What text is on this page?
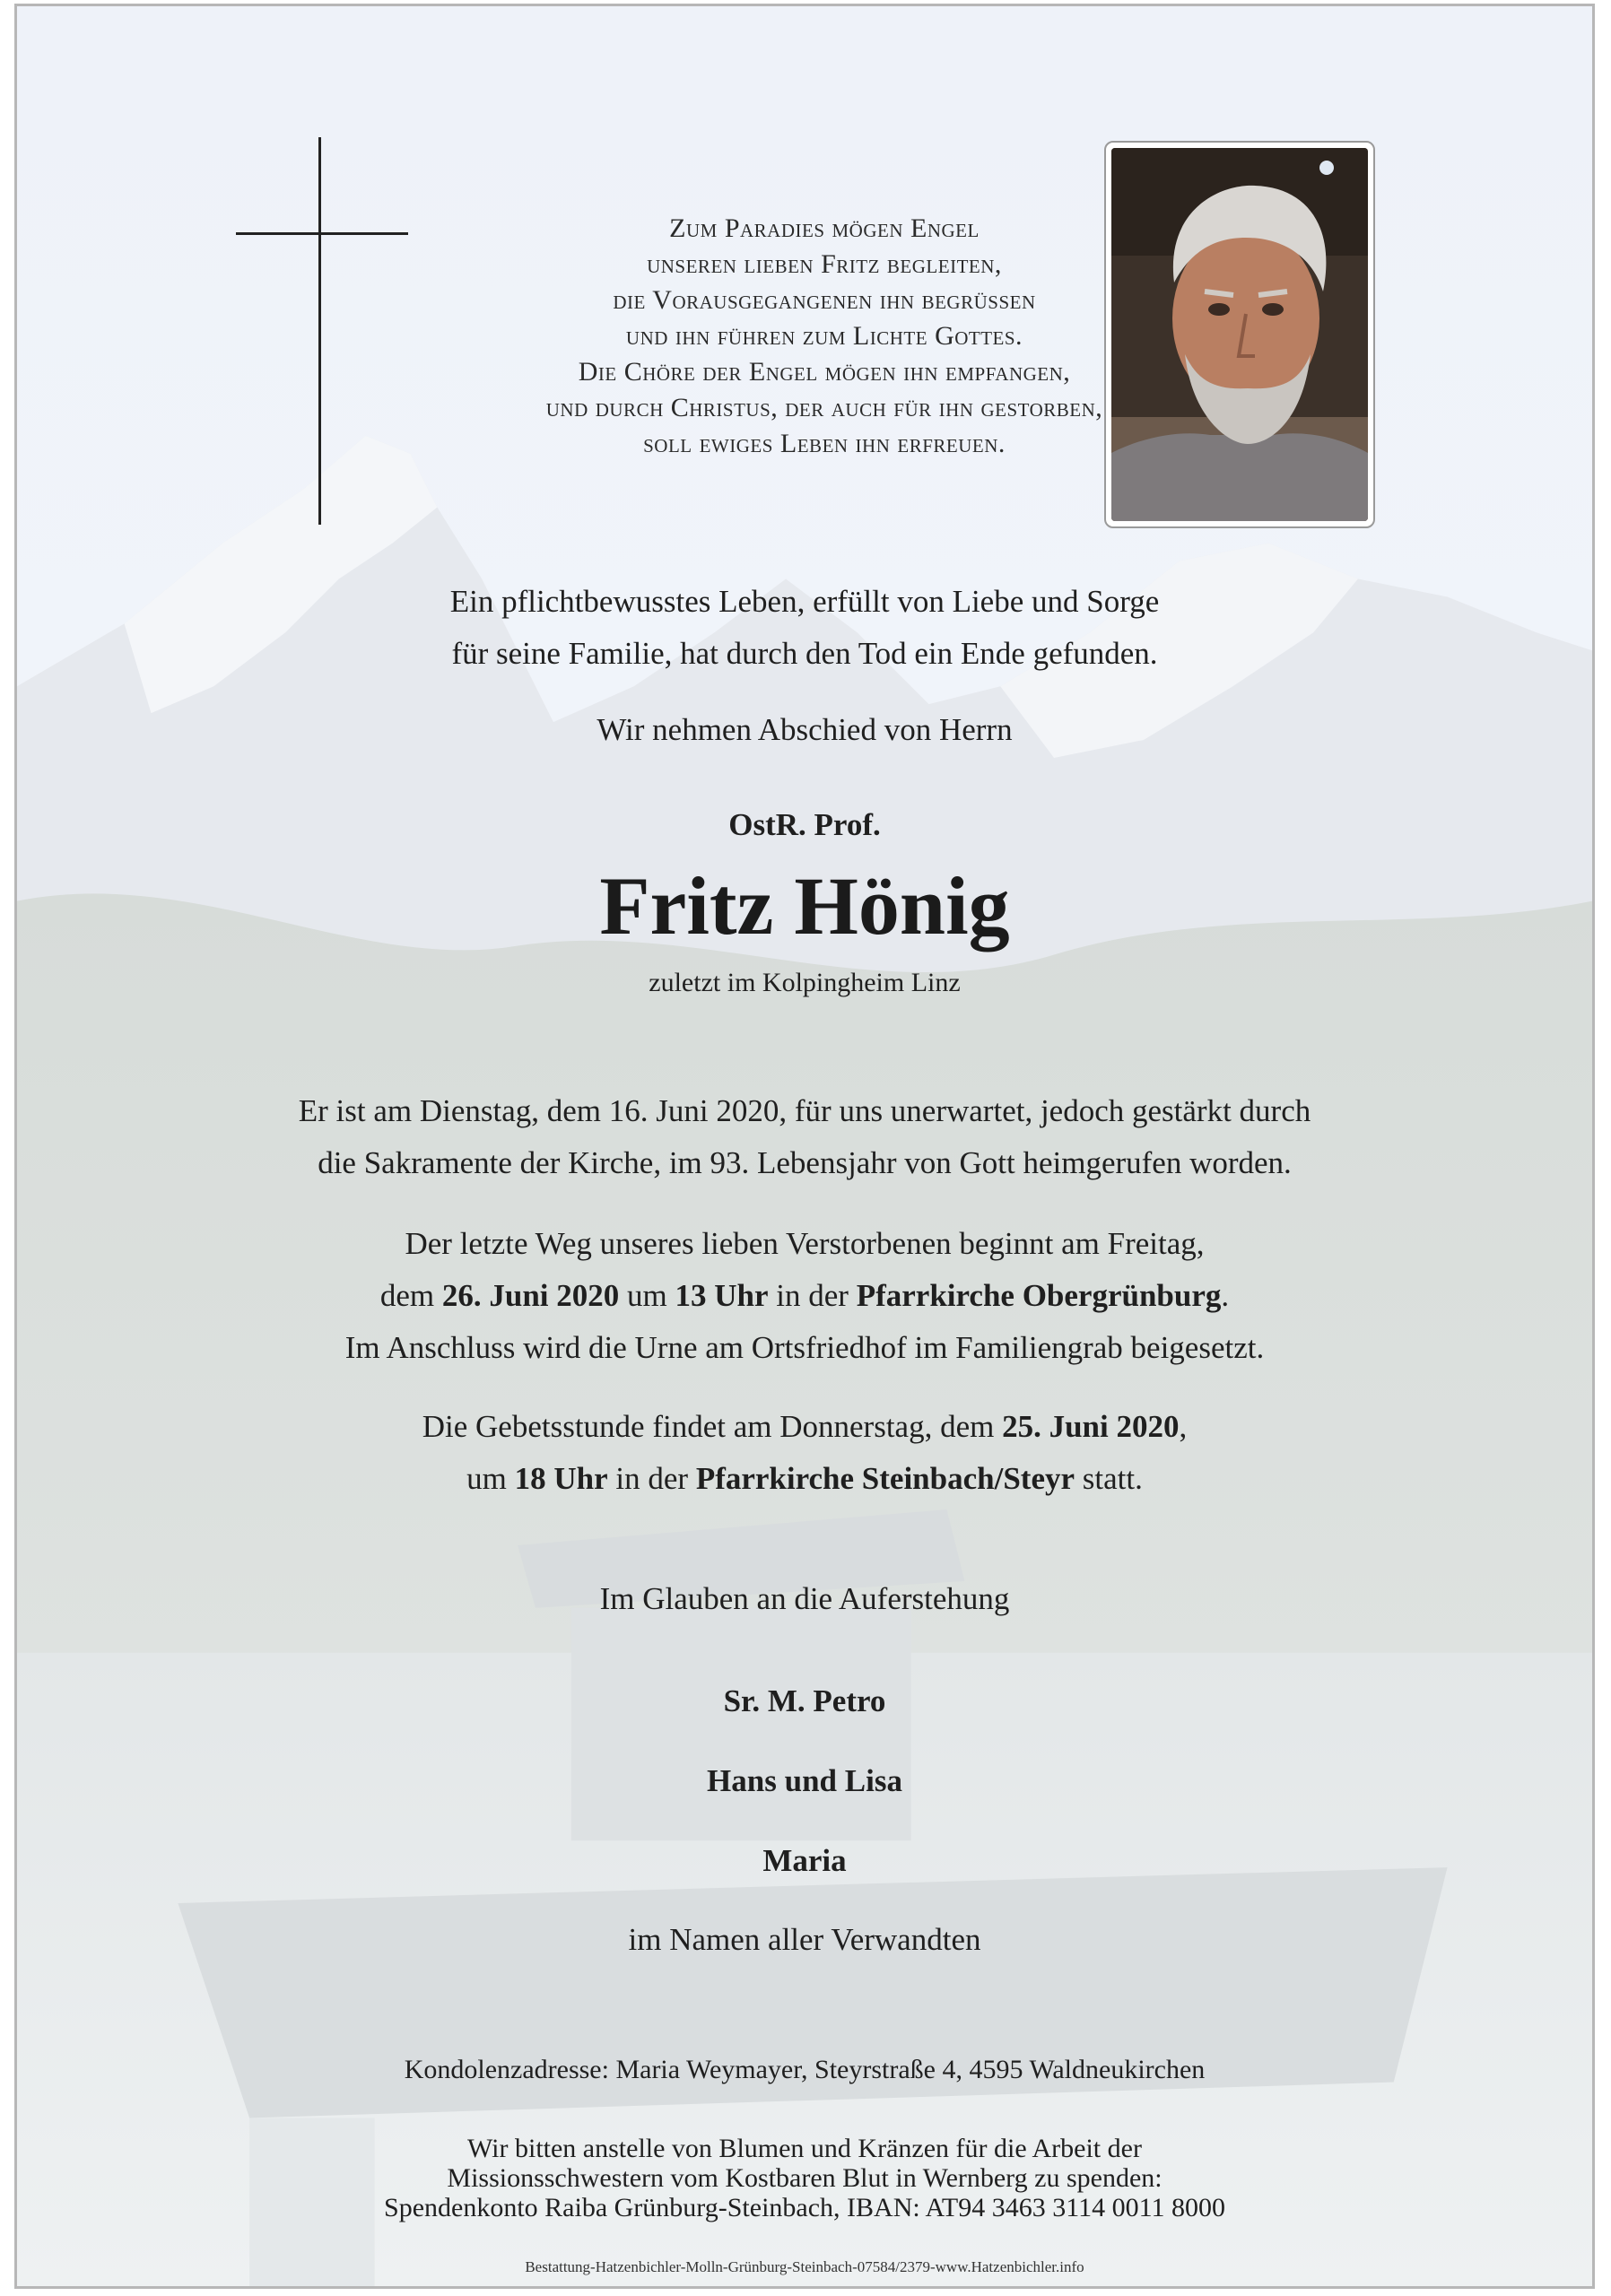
Zum Paradies mögen Engel
unseren lieben Fritz begleiten,
die Vorausgegangenen ihn begrüssen
und ihn führen zum Lichte Gottes.
Die Chöre der Engel mögen ihn empfangen,
und durch Christus, der auch für ihn gestorben,
soll ewiges Leben ihn erfreuen.
Ein pflichtbewusstes Leben, erfüllt von Liebe und Sorge
für seine Familie, hat durch den Tod ein Ende gefunden.
Wir nehmen Abschied von Herrn
OstR. Prof.
Fritz Hönig
zuletzt im Kolpingheim Linz
Er ist am Dienstag, dem 16. Juni 2020, für uns unerwartet, jedoch gestärkt durch
die Sakramente der Kirche, im 93. Lebensjahr von Gott heimgerufen worden.
Der letzte Weg unseres lieben Verstorbenen beginnt am Freitag,
dem 26. Juni 2020 um 13 Uhr in der Pfarrkirche Obergrünburg.
Im Anschluss wird die Urne am Ortsfriedhof im Familiengrab beigesetzt.
Die Gebetsstunde findet am Donnerstag, dem 25. Juni 2020,
um 18 Uhr in der Pfarrkirche Steinbach/Steyr statt.
Im Glauben an die Auferstehung
Sr. M. Petro
Hans und Lisa
Maria
im Namen aller Verwandten
Kondolenzadresse: Maria Weymayer, Steyrstraße 4, 4595 Waldneukirchen
Wir bitten anstelle von Blumen und Kränzen für die Arbeit der
Missionsschwestern vom Kostbaren Blut in Wernberg zu spenden:
Spendenkonto Raiba Grünburg-Steinbach, IBAN: AT94 3463 3114 0011 8000
Bestattung-Hatzenbichler-Molln-Grünburg-Steinbach-07584/2379-www.Hatzenbichler.info
